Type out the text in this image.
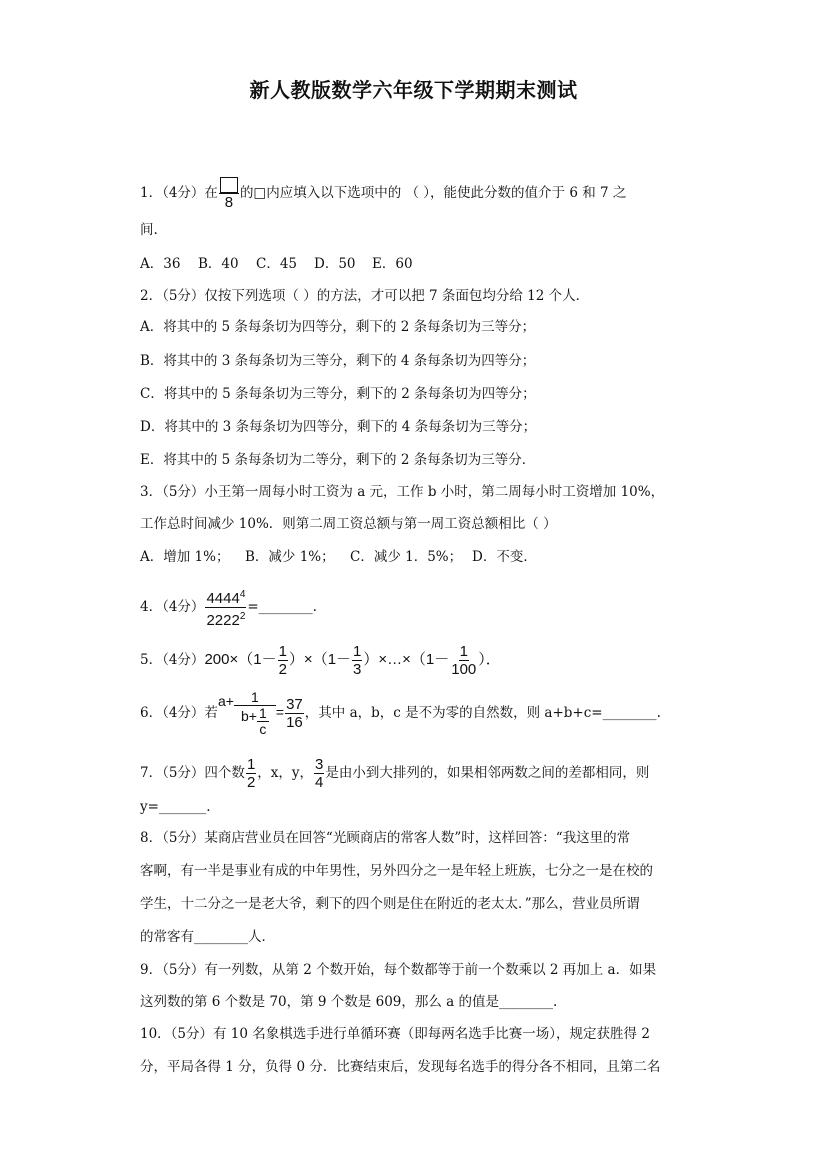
新人教版数学六年级下学期期末测试
1．（4分）在
8
的□内应填入以下选项中的 （ ），能使此分数的值介于 6 和 7 之
间.
A．36 B．40 C．45 D．50 E．60
2．（5分）仅按下列选项（ ）的方法，才可以把 7 条面包均分给 12 个人．
A．将其中的 5 条每条切为四等分，剩下的 2 条每条切为三等分；
B．将其中的 3 条每条切为三等分，剩下的 4 条每条切为四等分；
C．将其中的 5 条每条切为三等分，剩下的 2 条每条切为四等分；
D．将其中的 3 条每条切为四等分，剩下的 4 条每条切为三等分；
E．将其中的 5 条每条切为二等分，剩下的 2 条每条切为三等分．
3．（5分）小王第一周每小时工资为 a 元，工作 b 小时，第二周每小时工资增加 10%，
工作总时间减少 10%．则第二周工资总额与第一周工资总额相比（ ）
A．增加 1%； B．减少 1%； C．减少 1．5%； D．不变．
4．（4分） $\frac{4444^4}{2222^2}$ =________.
5．（4分）$200\times(1- \frac{1}{2} )\times(1- \frac{1}{3}$ ）×…×（1－ $\frac{1}{100}$ ）．
6．（4分）若
$a+ \frac{1}{b+ \frac{1}{c}} = \frac{37}{16}$ ，其中 a，b，c 是不为零的自然数，则 a+b+c=________.
7．（5分）四个数 $\frac{1}{2}$ ，x，y， $\frac{3}{4}$ 是由小到大排列的，如果相邻两数之间的差都相同，则
y=_______.
8．（5分）某商店营业员在回答“光顾商店的常客人数”时，这样回答：“我这里的常
客啊，有一半是事业有成的中年男性，另外四分之一是年轻上班族，七分之一是在校的
学生，十二分之一是老大爷，剩下的四个则是住在附近的老太太．”那么，营业员所谓
的常客有________人．
9．（5分）有一列数，从第 2 个数开始，每个数都等于前一个数乘以 2 再加上 a．如果
这列数的第 6 个数是 70，第 9 个数是 609，那么 a 的值是________.
10．（5分）有 10 名象棋选手进行单循环赛（即每两名选手比赛一场），规定获胜得 2
分，平局各得 1 分，负得 0 分．比赛结束后，发现每名选手的得分各不相同，且第二名
